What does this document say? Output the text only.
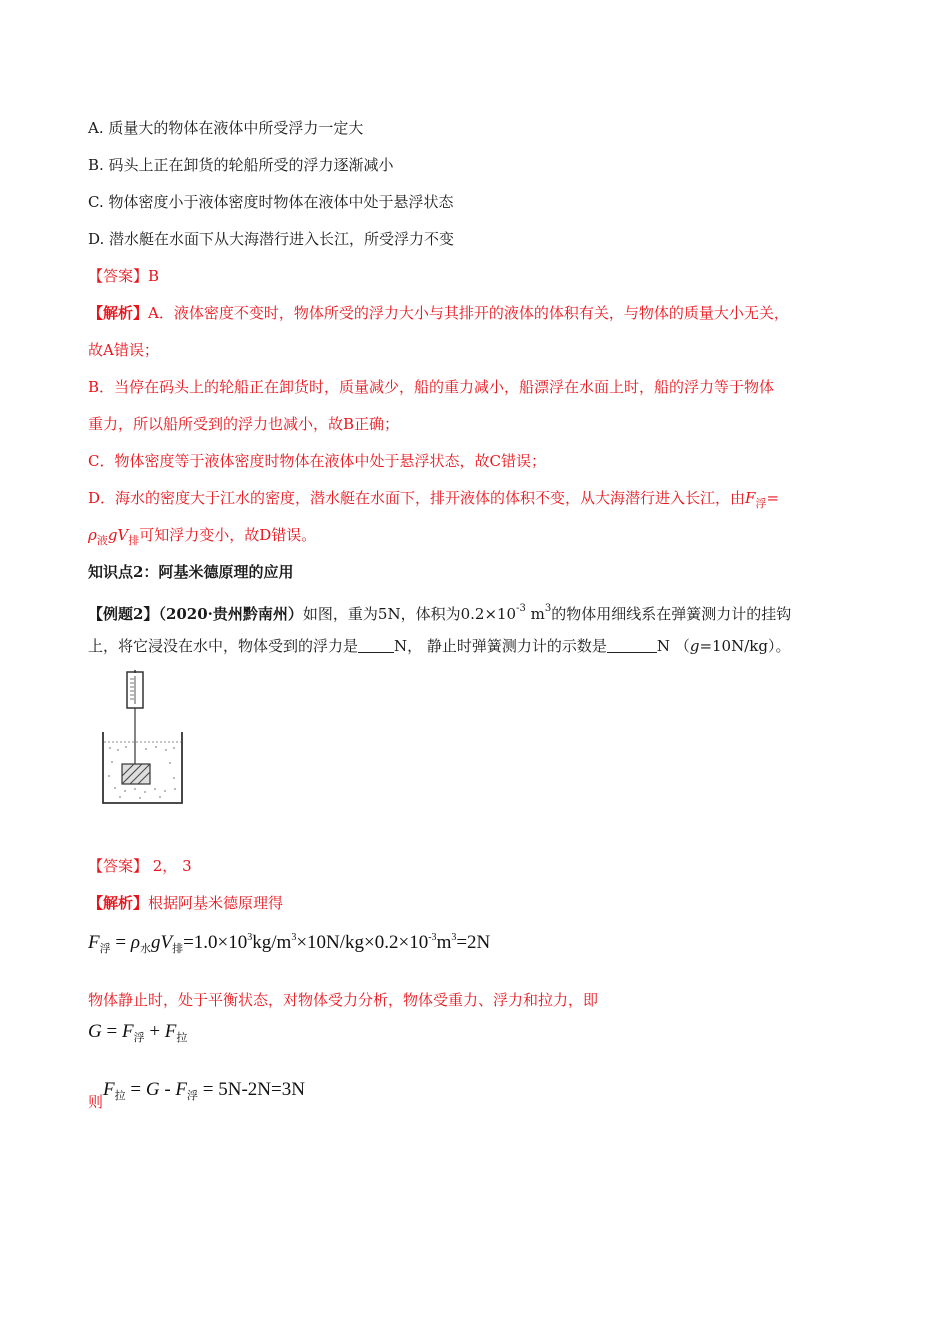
A. 质量大的物体在液体中所受浮力一定大
B. 码头上正在卸货的轮船所受的浮力逐渐减小
C. 物体密度小于液体密度时物体在液体中处于悬浮状态
D. 潜水艇在水面下从大海潜行进入长江，所受浮力不变
【答案】B
【解析】A．液体密度不变时，物体所受的浮力大小与其排开的液体的体积有关，与物体的质量大小无关，
故A错误；
B．当停在码头上的轮船正在卸货时，质量减少，船的重力减小，船漂浮在水面上时，船的浮力等于物体
重力，所以船所受到的浮力也减小，故B正确；
C．物体密度等于液体密度时物体在液体中处于悬浮状态，故C错误；
D．海水的密度大于江水的密度，潜水艇在水面下，排开液体的体积不变，从大海潜行进入长江，由$F_浮=$
$\rho_液gV_排$可知浮力变小，故D错误。
知识点2：阿基米德原理的应用
【例题2】（2020·贵州黔南州）如图，重为5N，体积为$0.2\times 10^{-3}$ $m^3$的物体用细线系在弹簧测力计的挂钩
上，将它浸没在水中，物体受到的浮力是 N， 静止时弹簧测力计的示数是	N （g=10N/kg）。
【答案】 2， 3
【解析】根据阿基米德原理得
$F_浮 = \rho_水gV_排=1.0\times 10^3kg/m^3\times 10N/kg\times 0.2\times 10^{-3}m^3=2N$
物体静止时，处于平衡状态，对物体受力分析，物体受重力、浮力和拉力，即
$G = F_浮 + F_拉$
则$F_拉 = G - F_浮 = 5N-2N=3N$
